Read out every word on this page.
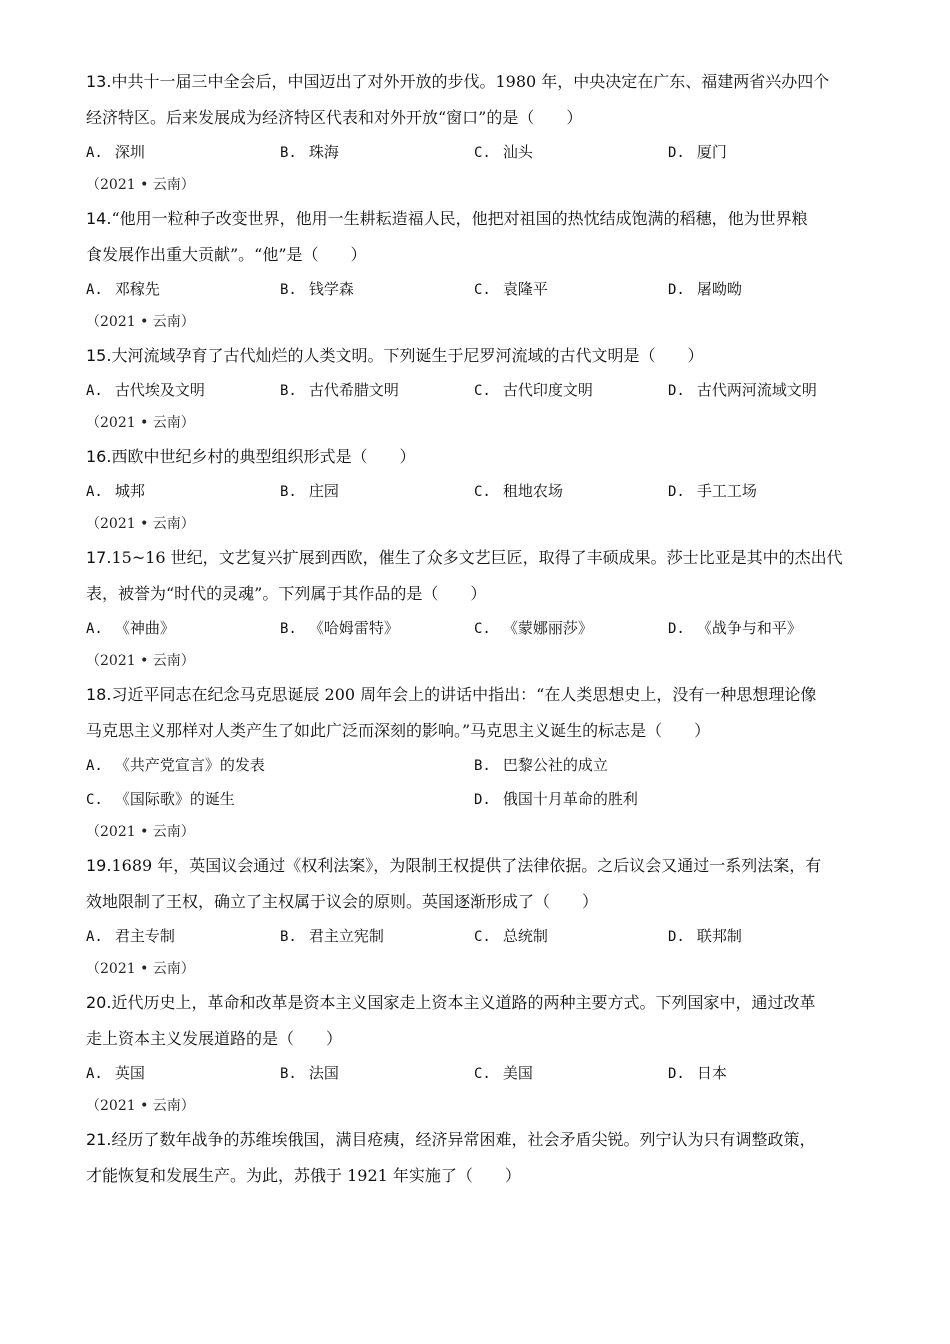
13.中共十一届三中全会后，中国迈出了对外开放的步伐。1980 年，中央决定在广东、福建两省兴办四个
经济特区。后来发展成为经济特区代表和对外开放“窗口”的是（　　）
A. 深圳	B. 珠海	C. 汕头	D. 厦门
（2021 • 云南）
14.“他用一粒种子改变世界，他用一生耕耘造福人民，他把对祖国的热忱结成饱满的稻穗，他为世界粮
食发展作出重大贡献”。“他”是（　　）
A. 邓稼先	B. 钱学森	C. 袁隆平	D. 屠呦呦
（2021 • 云南）
15.大河流域孕育了古代灿烂的人类文明。下列诞生于尼罗河流域的古代文明是（　　）
A. 古代埃及文明	B. 古代希腊文明	C. 古代印度文明	D. 古代两河流域文明
（2021 • 云南）
16.西欧中世纪乡村的典型组织形式是（　　）
A. 城邦	B. 庄园	C. 租地农场	D. 手工工场
（2021 • 云南）
17.15~16 世纪，文艺复兴扩展到西欧，催生了众多文艺巨匠，取得了丰硕成果。莎士比亚是其中的杰出代
表，被誉为“时代的灵魂”。下列属于其作品的是（　　）
A. 《神曲》	B. 《哈姆雷特》	C. 《蒙娜丽莎》	D. 《战争与和平》
（2021 • 云南）
18.习近平同志在纪念马克思诞辰 200 周年会上的讲话中指出：“在人类思想史上，没有一种思想理论像
马克思主义那样对人类产生了如此广泛而深刻的影响。”马克思主义诞生的标志是（　　）
A. 《共产党宣言》的发表	B. 巴黎公社的成立
C. 《国际歌》的诞生	D. 俄国十月革命的胜利
（2021 • 云南）
19.1689 年，英国议会通过《权利法案》，为限制王权提供了法律依据。之后议会又通过一系列法案，有
效地限制了王权，确立了主权属于议会的原则。英国逐渐形成了（　　）
A. 君主专制	B. 君主立宪制	C. 总统制	D. 联邦制
（2021 • 云南）
20.近代历史上，革命和改革是资本主义国家走上资本主义道路的两种主要方式。下列国家中，通过改革
走上资本主义发展道路的是（　　）
A. 英国	B. 法国	C. 美国	D. 日本
（2021 • 云南）
21.经历了数年战争的苏维埃俄国，满目疮痍，经济异常困难，社会矛盾尖锐。列宁认为只有调整政策，
才能恢复和发展生产。为此，苏俄于 1921 年实施了（　　）
